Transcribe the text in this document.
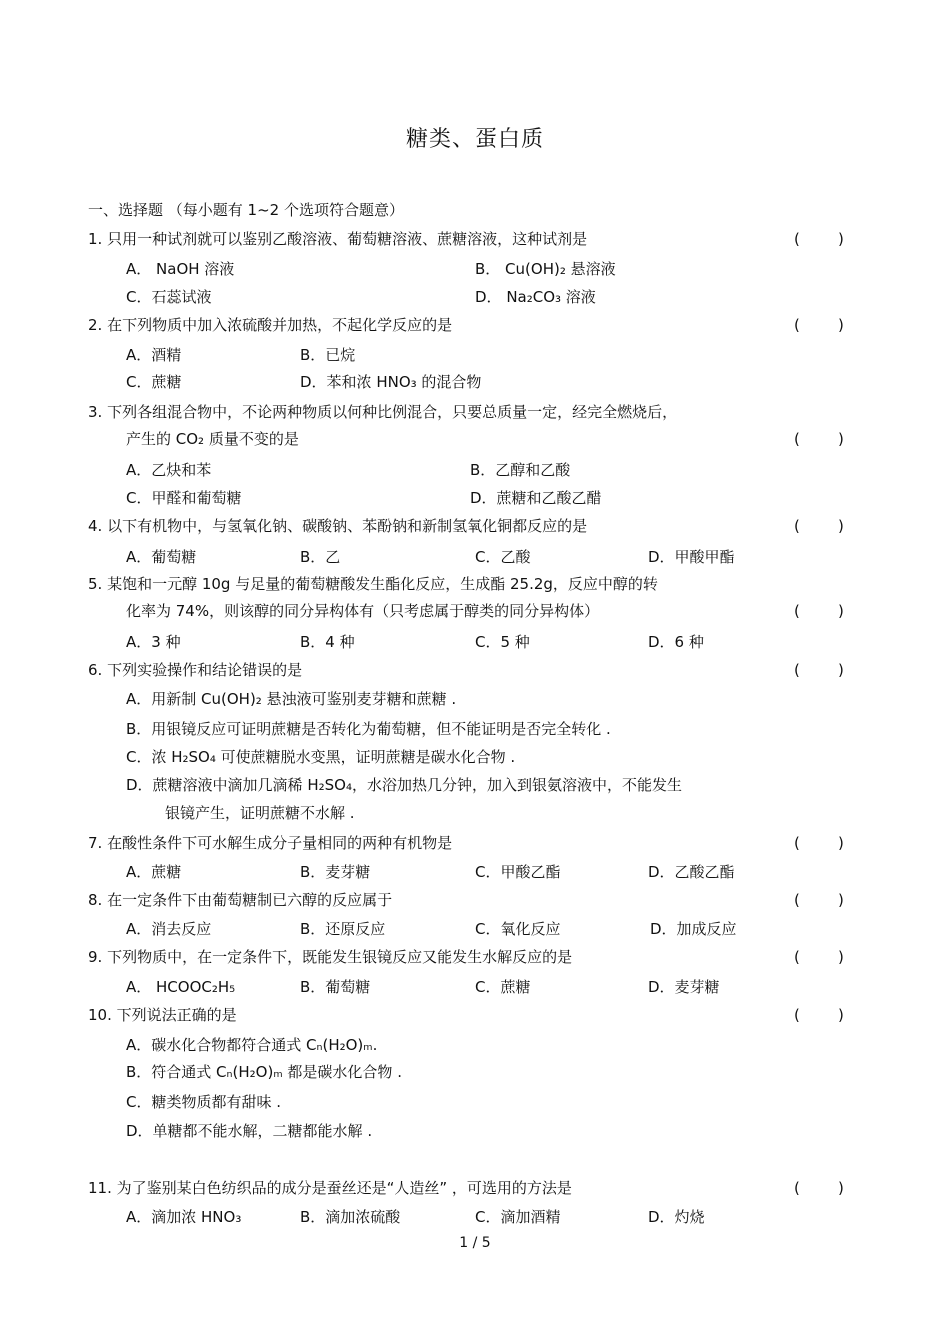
糖类、蛋白质
一、选择题 （每小题有 1~2 个选项符合题意）
1. 只用一种试剂就可以鉴别乙酸溶液、葡萄糖溶液、蔗糖溶液，这种试剂是	(        )
A． NaOH 溶液	B． Cu(OH)₂ 悬溶液
C．石蕊试液	D． Na₂CO₃ 溶液
2. 在下列物质中加入浓硫酸并加热，不起化学反应的是	(        )
A．酒精	B．已烷
C．蔗糖	D．苯和浓 HNO₃ 的混合物
3. 下列各组混合物中，不论两种物质以何种比例混合，只要总质量一定，经完全燃烧后，
产生的 CO₂ 质量不变的是	(        )
A．乙炔和苯	B．乙醇和乙酸
C．甲醛和葡萄糖	D．蔗糖和乙酸乙醋
4. 以下有机物中，与氢氧化钠、碳酸钠、苯酚钠和新制氢氧化铜都反应的是	(        )
A．葡萄糖	B．乙	C．乙酸	D．甲酸甲酯
5. 某饱和一元醇 10g 与足量的葡萄糖酸发生酯化反应，生成酯 25.2g，反应中醇的转
化率为 74%，则该醇的同分异构体有（只考虑属于醇类的同分异构体）	(        )
A．3 种	B．4 种	C．5 种	D．6 种
6. 下列实验操作和结论错误的是	(        )
A．用新制 Cu(OH)₂ 悬浊液可鉴别麦芽糖和蔗糖 .
B．用银镜反应可证明蔗糖是否转化为葡萄糖，但不能证明是否完全转化 .
C．浓 H₂SO₄ 可使蔗糖脱水变黑，证明蔗糖是碳水化合物 .
D．蔗糖溶液中滴加几滴稀 H₂SO₄，水浴加热几分钟，加入到银氨溶液中，不能发生
银镜产生，证明蔗糖不水解 .
7. 在酸性条件下可水解生成分子量相同的两种有机物是	(        )
A．蔗糖	B．麦芽糖	C．甲酸乙酯	D．乙酸乙酯
8. 在一定条件下由葡萄糖制已六醇的反应属于	(        )
A．消去反应	B．还原反应	C．氧化反应	D．加成反应
9. 下列物质中，在一定条件下，既能发生银镜反应又能发生水解反应的是	(        )
A． HCOOC₂H₅	B．葡萄糖	C．蔗糖	D．麦芽糖
10. 下列说法正确的是	(        )
A．碳水化合物都符合通式 Cₙ(H₂O)ₘ.
B．符合通式 Cₙ(H₂O)ₘ 都是碳水化合物 .
C．糖类物质都有甜味 .
D．单糖都不能水解，二糖都能水解 .
11. 为了鉴别某白色纺织品的成分是蚕丝还是“人造丝” ，可选用的方法是	(        )
A．滴加浓 HNO₃	B．滴加浓硫酸	C．滴加酒精	D．灼烧
1 / 5
